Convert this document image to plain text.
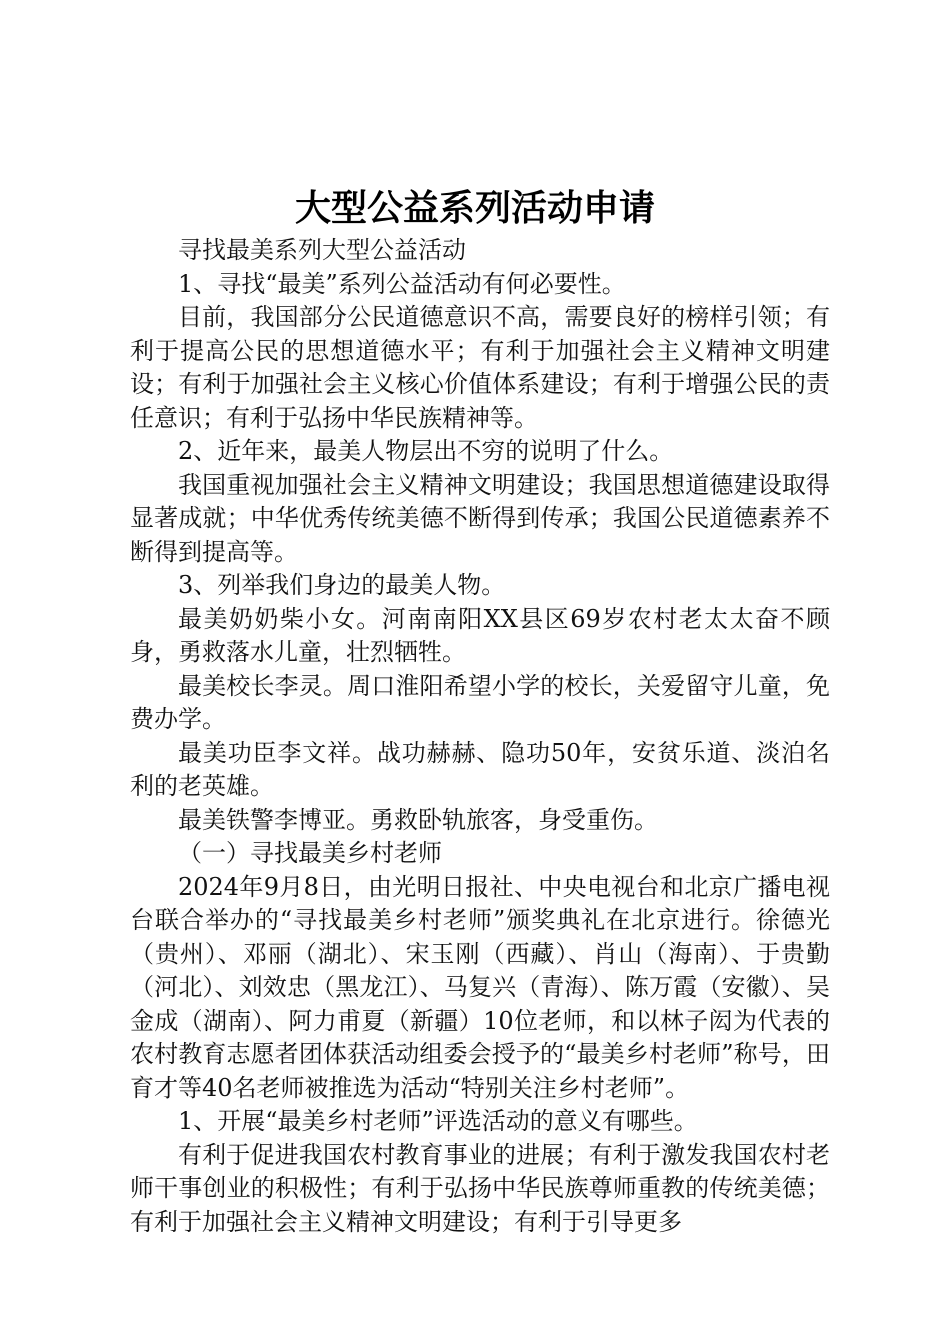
大型公益系列活动申请

寻找最美系列大型公益活动

1、寻找“最美”系列公益活动有何必要性。

目前，我国部分公民道德意识不高，需要良好的榜样引领；有利于提高公民的思想道德水平；有利于加强社会主义精神文明建设；有利于加强社会主义核心价值体系建设；有利于增强公民的责任意识；有利于弘扬中华民族精神等。

2、近年来，最美人物层出不穷的说明了什么。

我国重视加强社会主义精神文明建设；我国思想道德建设取得显著成就；中华优秀传统美德不断得到传承；我国公民道德素养不断得到提高等。

3、列举我们身边的最美人物。

最美奶奶柴小女。河南南阳XX县区69岁农村老太太奋不顾身，勇救落水儿童，壮烈牺牲。

最美校长李灵。周口淮阳希望小学的校长，关爱留守儿童，免费办学。

最美功臣李文祥。战功赫赫、隐功50年，安贫乐道、淡泊名利的老英雄。

最美铁警李博亚。勇救卧轨旅客，身受重伤。

（一）寻找最美乡村老师

2024年9月8日，由光明日报社、中央电视台和北京广播电视台联合举办的“寻找最美乡村老师”颁奖典礼在北京进行。徐德光（贵州）、邓丽（湖北）、宋玉刚（西藏）、肖山（海南）、于贵勤（河北）、刘效忠（黑龙江）、马复兴（青海）、陈万霞（安徽）、吴金成（湖南）、阿力甫夏（新疆）10位老师，和以林子闳为代表的农村教育志愿者团体获活动组委会授予的“最美乡村老师”称号，田育才等40名老师被推选为活动“特别关注乡村老师”。

1、开展“最美乡村老师”评选活动的意义有哪些。

有利于促进我国农村教育事业的进展；有利于激发我国农村老师干事创业的积极性；有利于弘扬中华民族尊师重教的传统美德；有利于加强社会主义精神文明建设；有利于引导更多
